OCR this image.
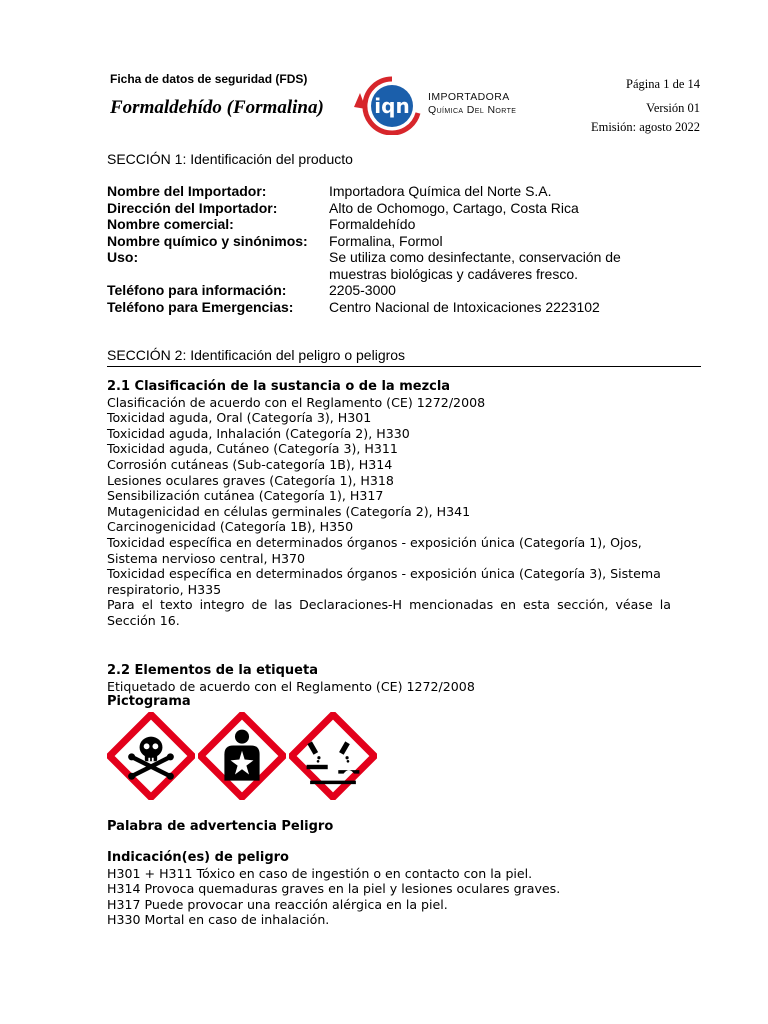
Ficha de datos de seguridad (FDS)
Formaldehído (Formalina)	iqn IMPORTADORA
Química Del Norte
Página 1 de 14
Versión 01
Emisión: agosto 2022
SECCIÓN 1: Identificación del producto
Nombre del Importador:	Importadora Química del Norte S.A.
Dirección del Importador:	Alto de Ochomogo, Cartago, Costa Rica
Nombre comercial:	Formaldehído
Nombre químico y sinónimos:	Formalina, Formol
Uso:	Se utiliza como desinfectante, conservación de muestras biológicas y cadáveres fresco.
Teléfono para información:	2205-3000
Teléfono para Emergencias:	Centro Nacional de Intoxicaciones 2223102
SECCIÓN 2: Identificación del peligro o peligros
2.1 Clasificación de la sustancia o de la mezcla
Clasificación de acuerdo con el Reglamento (CE) 1272/2008
Toxicidad aguda, Oral (Categoría 3), H301
Toxicidad aguda, Inhalación (Categoría 2), H330
Toxicidad aguda, Cutáneo (Categoría 3), H311
Corrosión cutáneas (Sub-categoría 1B), H314
Lesiones oculares graves (Categoría 1), H318
Sensibilización cutánea (Categoría 1), H317
Mutagenicidad en células germinales (Categoría 2), H341
Carcinogenicidad (Categoría 1B), H350
Toxicidad específica en determinados órganos - exposición única (Categoría 1), Ojos, Sistema nervioso central, H370
Toxicidad específica en determinados órganos - exposición única (Categoría 3), Sistema respiratorio, H335
Para el texto integro de las Declaraciones-H mencionadas en esta sección, véase la Sección 16.
2.2 Elementos de la etiqueta
Etiquetado de acuerdo con el Reglamento (CE) 1272/2008
Pictograma
Palabra de advertencia Peligro
Indicación(es) de peligro
H301 + H311 Tóxico en caso de ingestión o en contacto con la piel.
H314 Provoca quemaduras graves en la piel y lesiones oculares graves.
H317 Puede provocar una reacción alérgica en la piel.
H330 Mortal en caso de inhalación.
